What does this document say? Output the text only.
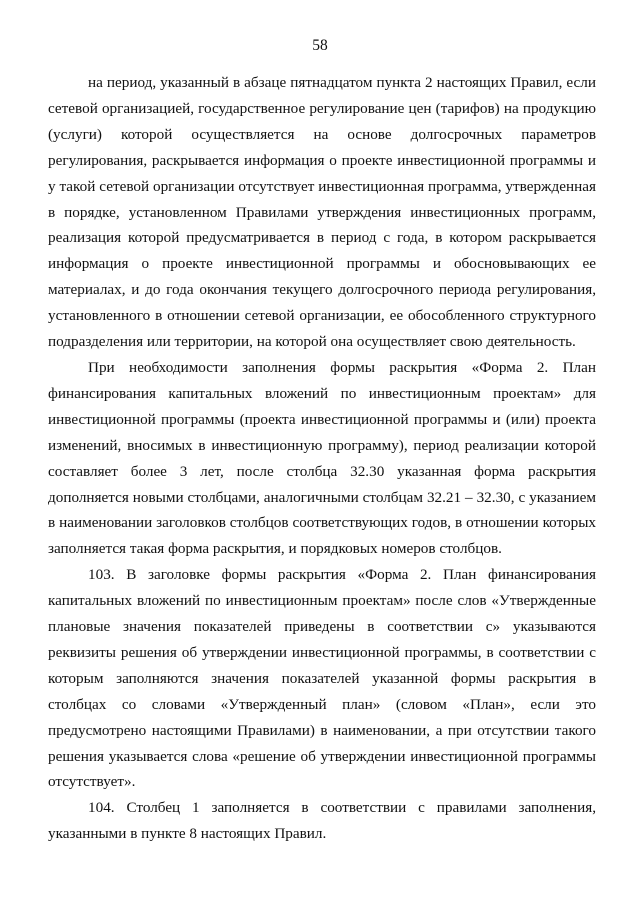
58

на период, указанный в абзаце пятнадцатом пункта 2 настоящих Правил, если сетевой организацией, государственное регулирование цен (тарифов) на продукцию (услуги) которой осуществляется на основе долгосрочных параметров регулирования, раскрывается информация о проекте инвестиционной программы и у такой сетевой организации отсутствует инвестиционная программа, утвержденная в порядке, установленном Правилами утверждения инвестиционных программ, реализация которой предусматривается в период с года, в котором раскрывается информация о проекте инвестиционной программы и обосновывающих ее материалах, и до года окончания текущего долгосрочного периода регулирования, установленного в отношении сетевой организации, ее обособленного структурного подразделения или территории, на которой она осуществляет свою деятельность.

При необходимости заполнения формы раскрытия «Форма 2. План финансирования капитальных вложений по инвестиционным проектам» для инвестиционной программы (проекта инвестиционной программы и (или) проекта изменений, вносимых в инвестиционную программу), период реализации которой составляет более 3 лет, после столбца 32.30 указанная форма раскрытия дополняется новыми столбцами, аналогичными столбцам 32.21 – 32.30, с указанием в наименовании заголовков столбцов соответствующих годов, в отношении которых заполняется такая форма раскрытия, и порядковых номеров столбцов.

103. В заголовке формы раскрытия «Форма 2. План финансирования капитальных вложений по инвестиционным проектам» после слов «Утвержденные плановые значения показателей приведены в соответствии с» указываются реквизиты решения об утверждении инвестиционной программы, в соответствии с которым заполняются значения показателей указанной формы раскрытия в столбцах со словами «Утвержденный план» (словом «План», если это предусмотрено настоящими Правилами) в наименовании, а при отсутствии такого решения указывается слова «решение об утверждении инвестиционной программы отсутствует».

104. Столбец 1 заполняется в соответствии с правилами заполнения, указанными в пункте 8 настоящих Правил.
